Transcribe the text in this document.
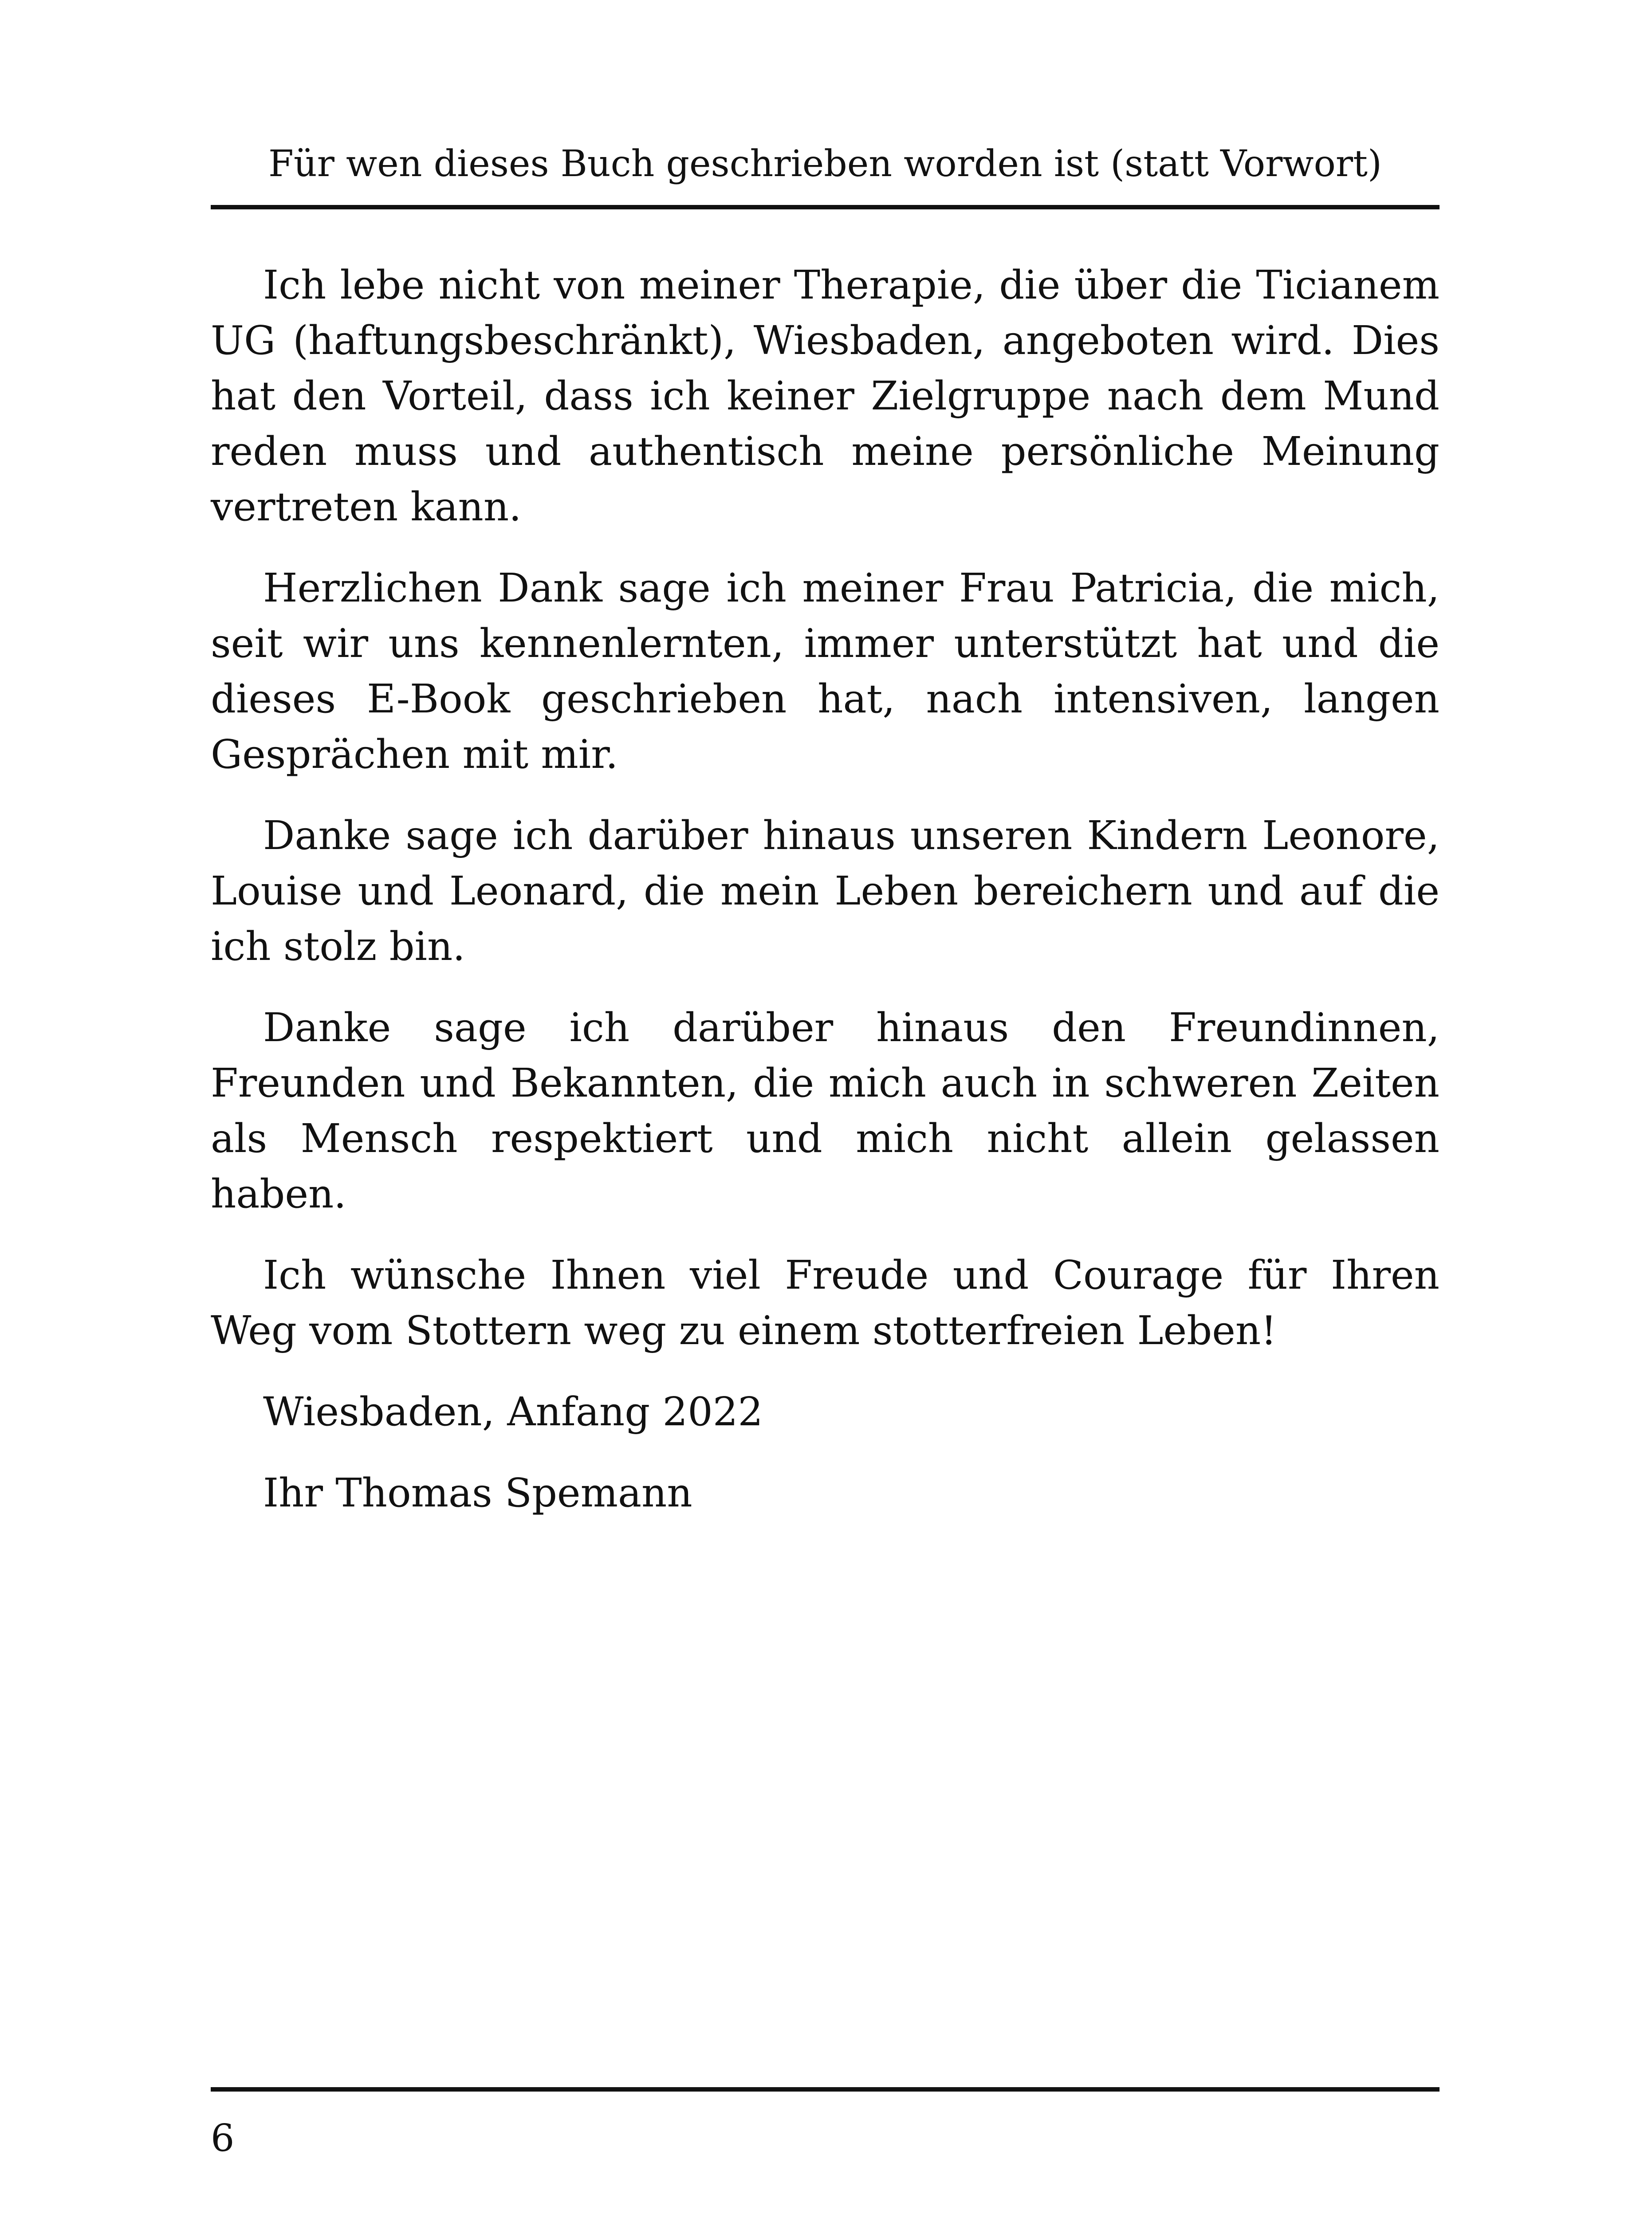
Für wen dieses Buch geschrieben worden ist (statt Vorwort)

Ich lebe nicht von meiner Therapie, die über die Ticianem UG (haftungsbeschränkt), Wiesbaden, angeboten wird. Dies hat den Vorteil, dass ich keiner Zielgruppe nach dem Mund reden muss und authentisch meine persönliche Meinung vertreten kann.

Herzlichen Dank sage ich meiner Frau Patricia, die mich, seit wir uns kennenlernten, immer unterstützt hat und die dieses E-Book geschrieben hat, nach intensiven, langen Gesprächen mit mir.

Danke sage ich darüber hinaus unseren Kindern Leonore, Louise und Leonard, die mein Leben bereichern und auf die ich stolz bin.

Danke sage ich darüber hinaus den Freundinnen, Freunden und Bekannten, die mich auch in schweren Zeiten als Mensch respektiert und mich nicht allein gelassen haben.

Ich wünsche Ihnen viel Freude und Courage für Ihren Weg vom Stottern weg zu einem stotterfreien Leben!

Wiesbaden, Anfang 2022

Ihr Thomas Spemann

6
